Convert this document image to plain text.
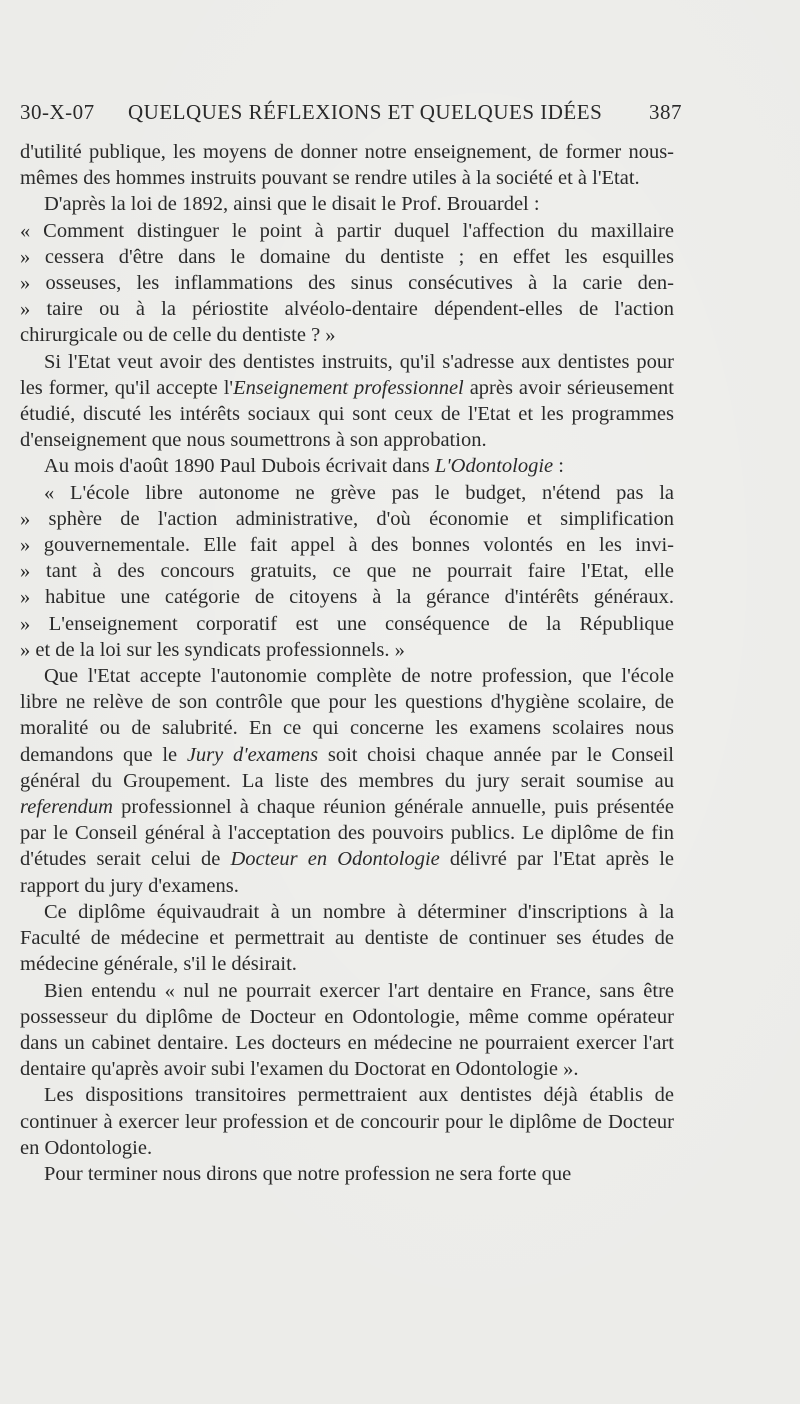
30-X-07 QUELQUES RÉFLEXIONS ET QUELQUES IDÉES 387

d'utilité publique, les moyens de donner notre enseignement, de former nous-mêmes des hommes instruits pouvant se rendre utiles à la société et à l'Etat.

D'après la loi de 1892, ainsi que le disait le Prof. Brouardel :

« Comment distinguer le point à partir duquel l'affection du maxillaire
» cessera d'être dans le domaine du dentiste ; en effet les esquilles
» osseuses, les inflammations des sinus consécutives à la carie den-
» taire ou à la périostite alvéolo-dentaire dépendent-elles de l'action
chirurgicale ou de celle du dentiste ? »

Si l'Etat veut avoir des dentistes instruits, qu'il s'adresse aux dentistes pour les former, qu'il accepte l'Enseignement professionnel après avoir sérieusement étudié, discuté les intérêts sociaux qui sont ceux de l'Etat et les programmes d'enseignement que nous soumettrons à son approbation.

Au mois d'août 1890 Paul Dubois écrivait dans L'Odontologie :

« L'école libre autonome ne grève pas le budget, n'étend pas la
» sphère de l'action administrative, d'où économie et simplification
» gouvernementale. Elle fait appel à des bonnes volontés en les invi-
» tant à des concours gratuits, ce que ne pourrait faire l'Etat, elle
» habitue une catégorie de citoyens à la gérance d'intérêts généraux.
» L'enseignement corporatif est une conséquence de la République
» et de la loi sur les syndicats professionnels. »

Que l'Etat accepte l'autonomie complète de notre profession, que l'école libre ne relève de son contrôle que pour les questions d'hygiène scolaire, de moralité ou de salubrité. En ce qui concerne les examens scolaires nous demandons que le Jury d'examens soit choisi chaque année par le Conseil général du Groupement. La liste des membres du jury serait soumise au referendum professionnel à chaque réunion générale annuelle, puis présentée par le Conseil général à l'acceptation des pouvoirs publics. Le diplôme de fin d'études serait celui de Docteur en Odontologie délivré par l'Etat après le rapport du jury d'examens.

Ce diplôme équivaudrait à un nombre à déterminer d'inscriptions à la Faculté de médecine et permettrait au dentiste de continuer ses études de médecine générale, s'il le désirait.

Bien entendu « nul ne pourrait exercer l'art dentaire en France, sans être possesseur du diplôme de Docteur en Odontologie, même comme opérateur dans un cabinet dentaire. Les docteurs en médecine ne pourraient exercer l'art dentaire qu'après avoir subi l'examen du Doctorat en Odontologie ».

Les dispositions transitoires permettraient aux dentistes déjà établis de continuer à exercer leur profession et de concourir pour le diplôme de Docteur en Odontologie.

Pour terminer nous dirons que notre profession ne sera forte que
